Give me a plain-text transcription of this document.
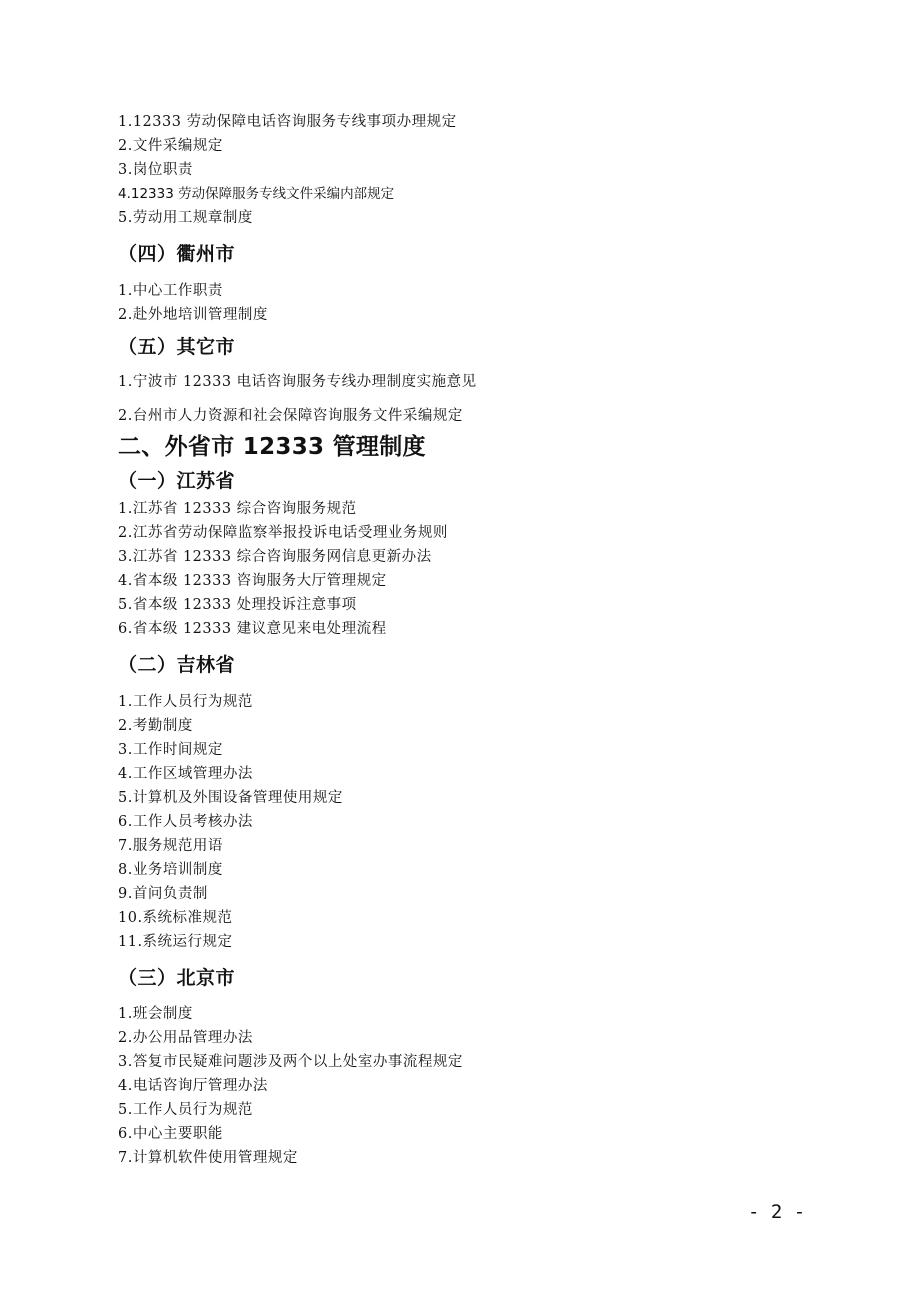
1.12333 劳动保障电话咨询服务专线事项办理规定
2.文件采编规定
3.岗位职责
4.12333 劳动保障服务专线文件采编内部规定
5.劳动用工规章制度
（四）衢州市
1.中心工作职责
2.赴外地培训管理制度
（五）其它市
1.宁波市 12333 电话咨询服务专线办理制度实施意见
2.台州市人力资源和社会保障咨询服务文件采编规定
二、外省市 12333 管理制度
（一）江苏省
1.江苏省 12333 综合咨询服务规范
2.江苏省劳动保障监察举报投诉电话受理业务规则
3.江苏省 12333 综合咨询服务网信息更新办法
4.省本级 12333 咨询服务大厅管理规定
5.省本级 12333 处理投诉注意事项
6.省本级 12333 建议意见来电处理流程
（二）吉林省
1.工作人员行为规范
2.考勤制度
3.工作时间规定
4.工作区域管理办法
5.计算机及外围设备管理使用规定
6.工作人员考核办法
7.服务规范用语
8.业务培训制度
9.首问负责制
10.系统标准规范
11.系统运行规定
（三）北京市
1.班会制度
2.办公用品管理办法
3.答复市民疑难问题涉及两个以上处室办事流程规定
4.电话咨询厅管理办法
5.工作人员行为规范
6.中心主要职能
7.计算机软件使用管理规定
- 2 -
